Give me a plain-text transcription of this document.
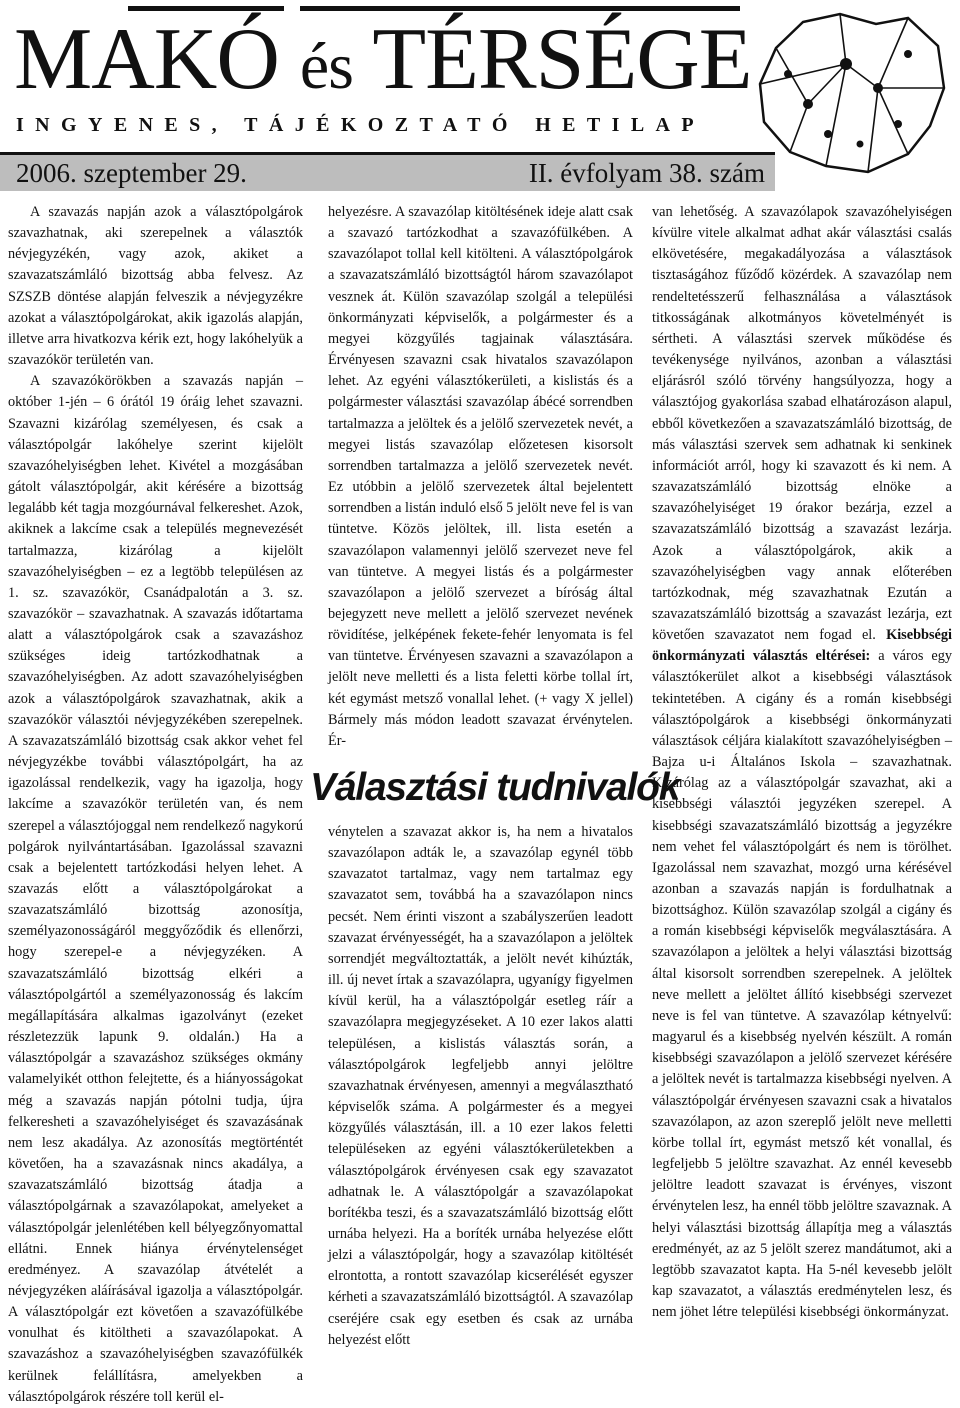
MAKÓ és TÉRSÉGE
INGYENES, TÁJÉKOZTATÓ HETILAP
2006. szeptember 29.	II. évfolyam 38. szám

A szavazás napján azok a választópolgárok szavazhatnak, aki szerepelnek a választók névjegyzékén, vagy azok, akiket a szavazatszámláló bizottság abba felvesz. Az SZSZB döntése alapján felveszik a névjegyzékre azokat a választópolgárokat, akik igazolás alapján, illetve arra hivatkozva kérik ezt, hogy lakóhelyük a szavazókör területén van.

A szavazókörökben a szavazás napján – október 1-jén – 6 órától 19 óráig lehet szavazni. Szavazni kizárólag személyesen, és csak a választópolgár lakóhelye szerint kijelölt szavazóhelyiségben lehet. Kivétel a mozgásában gátolt választópolgár, akit kérésére a bizottság legalább két tagja mozgóurnával felkereshet. Azok, akiknek a lakcíme csak a település megnevezését tartalmazza, kizárólag a kijelölt szavazóhelyiségben – ez a legtöbb településen az 1. sz. szavazókör, Csanádpalotán a 3. sz. szavazókör – szavazhatnak. A szavazás időtartama alatt a választópolgárok csak a szavazáshoz szükséges ideig tartózkodhatnak a szavazóhelyiségben. Az adott szavazóhelyiségben azok a választópolgárok szavazhatnak, akik a szavazókör választói névjegyzékében szerepelnek. A szavazatszámláló bizottság csak akkor vehet fel névjegyzékbe további választópolgárt, ha az igazolással rendelkezik, vagy ha igazolja, hogy lakcíme a szavazókör területén van, és nem szerepel a választójoggal nem rendelkező nagykorú polgárok nyilvántartásában. Igazolással szavazni csak a bejelentett tartózkodási helyen lehet. A szavazás előtt a választópolgárokat a szavazatszámláló bizottság azonosítja, személyazonosságáról meggyőződik és ellenőrzi, hogy szerepel-e a névjegyzéken. A szavazatszámláló bizottság elkéri a választópolgártól a személyazonosság és lakcím megállapítására alkalmas igazolványt (ezeket részletezzük lapunk 9. oldalán.) Ha a választópolgár a szavazáshoz szükséges okmány valamelyikét otthon felejtette, és a hiányosságokat még a szavazás napján pótolni tudja, újra felkeresheti a szavazóhelyiséget és szavazásának nem lesz akadálya. Az azonosítás megtörténtét követően, ha a szavazásnak nincs akadálya, a szavazatszámláló bizottság átadja a választópolgárnak a szavazólapokat, amelyeket a választópolgár jelenlétében kell bélyegzőnyomattal ellátni. Ennek hiánya érvénytelenséget eredményez. A szavazólap átvételét a névjegyzéken aláírásával igazolja a választópolgár. A választópolgár ezt követően a szavazófülkébe vonulhat és kitöltheti a szavazólapokat. A szavazáshoz a szavazóhelyiségben szavazófülkék kerülnek felállításra, amelyekben a választópolgárok részére toll kerül el-

helyezésre. A szavazólap kitöltésének ideje alatt csak a szavazó tartózkodhat a szavazófülkében. A szavazólapot tollal kell kitölteni. A választópolgárok a szavazatszámláló bizottságtól három szavazólapot vesznek át. Külön szavazólap szolgál a települési önkormányzati képviselők, a polgármester és a megyei közgyűlés tagjainak választására. Érvényesen szavazni csak hivatalos szavazólapon lehet. Az egyéni választókerületi, a kislistás és a polgármester választási szavazólap ábécé sorrendben tartalmazza a jelöltek és a jelölő szervezetek nevét, a megyei listás szavazólap előzetesen kisorsolt sorrendben tartalmazza a jelölő szervezetek nevét. Ez utóbbin a jelölő szervezetek által bejelentett sorrendben a listán induló első 5 jelölt neve fel is van tüntetve. Közös jelöltek, ill. lista esetén a szavazólapon valamennyi jelölő szervezet neve fel van tüntetve. A megyei listás és a polgármester szavazólapon a jelölő szervezet a bíróság által bejegyzett neve mellett a jelölő szervezet nevének rövidítése, jelképének fekete-fehér lenyomata is fel van tüntetve. Érvényesen szavazni a szavazólapon a jelölt neve melletti és a lista feletti körbe tollal írt, két egymást metsző vonallal lehet. (+ vagy X jellel) Bármely más módon leadott szavazat érvénytelen. Ér-

Választási tudnivalók

vénytelen a szavazat akkor is, ha nem a hivatalos szavazólapon adták le, a szavazólap egynél több szavazatot tartalmaz, vagy nem tartalmaz egy szavazatot sem, továbbá ha a szavazólapon nincs pecsét. Nem érinti viszont a szabályszerűen leadott szavazat érvényességét, ha a szavazólapon a jelöltek sorrendjét megváltoztatták, a jelölt nevét kihúzták, ill. új nevet írtak a szavazólapra, ugyanígy figyelmen kívül kerül, ha a választópolgár esetleg ráír a szavazólapra megjegyzéseket. A 10 ezer lakos alatti településen, a kislistás választás során, a választópolgárok legfeljebb annyi jelöltre szavazhatnak érvényesen, amennyi a megválasztható képviselők száma. A polgármester és a megyei közgyűlés választásán, ill. a 10 ezer lakos feletti településeken az egyéni választókerületekben a választópolgárok érvényesen csak egy szavazatot adhatnak le. A választópolgár a szavazólapokat borítékba teszi, és a szavazatszámláló bizottság előtt urnába helyezi. Ha a boríték urnába helyezése előtt jelzi a választópolgár, hogy a szavazólap kitöltését elrontotta, a rontott szavazólap kicserélését egyszer kérheti a szavazatszámláló bizottságtól. A szavazólap cseréjére csak egy esetben és csak az urnába helyezést előtt

van lehetőség. A szavazólapok szavazóhelyiségen kívülre vitele alkalmat adhat akár választási csalás elkövetésére, megakadályozása a választások tisztaságához fűződő közérdek. A szavazólap nem rendeltetésszerű felhasználása a választások titkosságának alkotmányos követelményét is sértheti. A választási szervek működése és tevékenysége nyilvános, azonban a választási eljárásról szóló törvény hangsúlyozza, hogy a választójog gyakorlása szabad elhatározáson alapul, ebből következően a szavazatszámláló bizottság, de más választási szervek sem adhatnak ki senkinek információt arról, hogy ki szavazott és ki nem. A szavazatszámláló bizottság elnöke a szavazóhelyiséget 19 órakor bezárja, ezzel a szavazatszámláló bizottság a szavazást lezárja. Azok a választópolgárok, akik a szavazóhelyiségben vagy annak előterében tartózkodnak, még szavazhatnak Ezután a szavazatszámláló bizottság a szavazást lezárja, ezt követően szavazatot nem fogad el. Kisebbségi önkormányzati választás eltérései: a város egy választókerület alkot a kisebbségi választások tekintetében. A cigány és a román kisebbségi választópolgárok a kisebbségi önkormányzati választások céljára kialakított szavazóhelyiségben – Bajza u-i Általános Iskola – szavazhatnak. Kizárólag az a választópolgár szavazhat, aki a kisebbségi választói jegyzéken szerepel. A kisebbségi szavazatszámláló bizottság a jegyzékre nem vehet fel választópolgárt és nem is törölhet. Igazolással nem szavazhat, mozgó urna kérésével azonban a szavazás napján is fordulhatnak a bizottsághoz. Külön szavazólap szolgál a cigány és a román kisebbségi képviselők megválasztására. A szavazólapon a jelöltek a helyi választási bizottság által kisorsolt sorrendben szerepelnek. A jelöltek neve mellett a jelöltet állító kisebbségi szervezet neve is fel van tüntetve. A szavazólap kétnyelvű: magyarul és a kisebbség nyelvén készült. A román kisebbségi szavazólapon a jelölő szervezet kérésére a jelöltek nevét is tartalmazza kisebbségi nyelven. A választópolgár érvényesen szavazni csak a hivatalos szavazólapon, az azon szereplő jelölt neve melletti körbe tollal írt, egymást metsző két vonallal, és legfeljebb 5 jelöltre szavazhat. Az ennél kevesebb jelöltre leadott szavazat is érvényes, viszont érvénytelen lesz, ha ennél több jelöltre szavaznak. A helyi választási bizottság állapítja meg a választás eredményét, az az 5 jelölt szerez mandátumot, aki a legtöbb szavazatot kapta. Ha 5-nél kevesebb jelölt kap szavazatot, a választás eredménytelen lesz, és nem jöhet létre települési kisebbségi önkormányzat.
